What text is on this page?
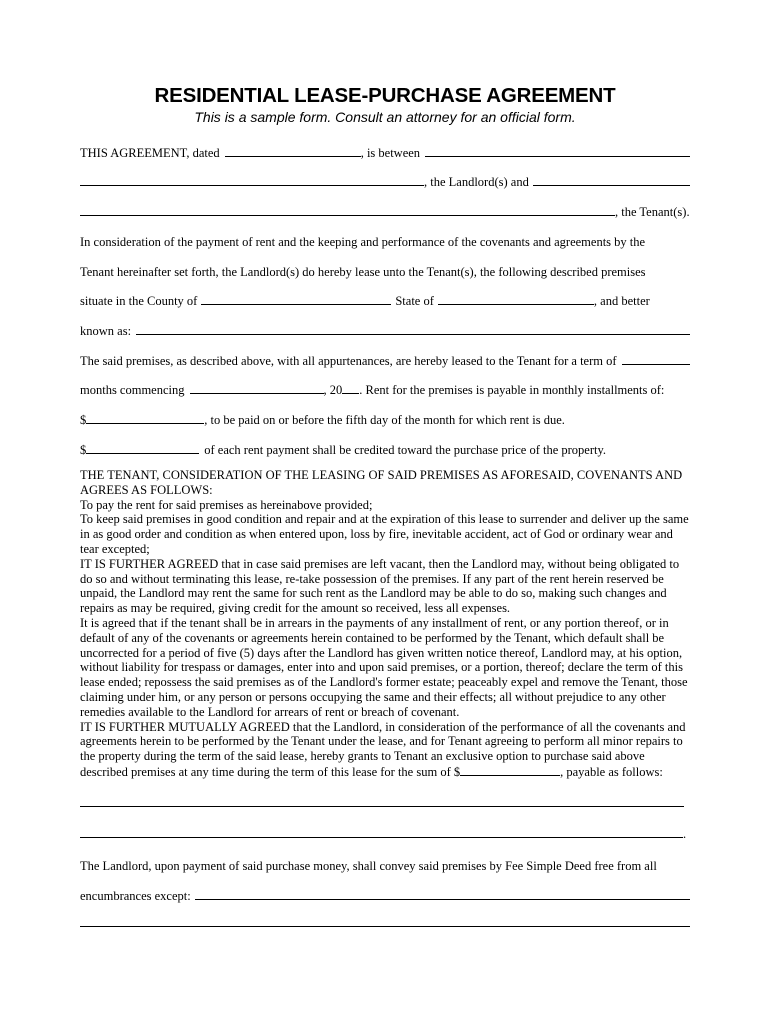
RESIDENTIAL LEASE-PURCHASE AGREEMENT
This is a sample form. Consult an attorney for an official form.
THIS AGREEMENT, dated	, is between
, the Landlord(s) and
, the Tenant(s).
In consideration of the payment of rent and the keeping and performance of the covenants and agreements by the
Tenant hereinafter set forth, the Landlord(s) do hereby lease unto the Tenant(s), the following described premises
situate in the County of	State of	, and better
known as:
The said premises, as described above, with all appurtenances, are hereby leased to the Tenant for a term of
months commencing	, 20 . Rent for the premises is payable in monthly installments of:
$	, to be paid on or before the fifth day of the month for which rent is due.
$	of each rent payment shall be credited toward the purchase price of the property.

THE TENANT, CONSIDERATION OF THE LEASING OF SAID PREMISES AS AFORESAID, COVENANTS AND AGREES AS FOLLOWS:

To pay the rent for said premises as hereinabove provided;

To keep said premises in good condition and repair and at the expiration of this lease to surrender and deliver up the same in as good order and condition as when entered upon, loss by fire, inevitable accident, act of God or ordinary wear and tear excepted;

IT IS FURTHER AGREED that in case said premises are left vacant, then the Landlord may, without being obligated to do so and without terminating this lease, re-take possession of the premises. If any part of the rent herein reserved be unpaid, the Landlord may rent the same for such rent as the Landlord may be able to do so, making such changes and repairs as may be required, giving credit for the amount so received, less all expenses.

It is agreed that if the tenant shall be in arrears in the payments of any installment of rent, or any portion thereof, or in default of any of the covenants or agreements herein contained to be performed by the Tenant, which default shall be uncorrected for a period of five (5) days after the Landlord has given written notice thereof, Landlord may, at his option, without liability for trespass or damages, enter into and upon said premises, or a portion, thereof; declare the term of this lease ended; repossess the said premises as of the Landlord's former estate; peaceably expel and remove the Tenant, those claiming under him, or any person or persons occupying the same and their effects; all without prejudice to any other remedies available to the Landlord for arrears of rent or breach of covenant.

IT IS FURTHER MUTUALLY AGREED that the Landlord, in consideration of the performance of all the covenants and agreements herein to be performed by the Tenant under the lease, and for Tenant agreeing to perform all minor repairs to the property during the term of the said lease, hereby grants to Tenant an exclusive option to purchase said above described premises at any time during the term of this lease for the sum of $	, payable as follows:

.
The Landlord, upon payment of said purchase money, shall convey said premises by Fee Simple Deed free from all
encumbrances except:
